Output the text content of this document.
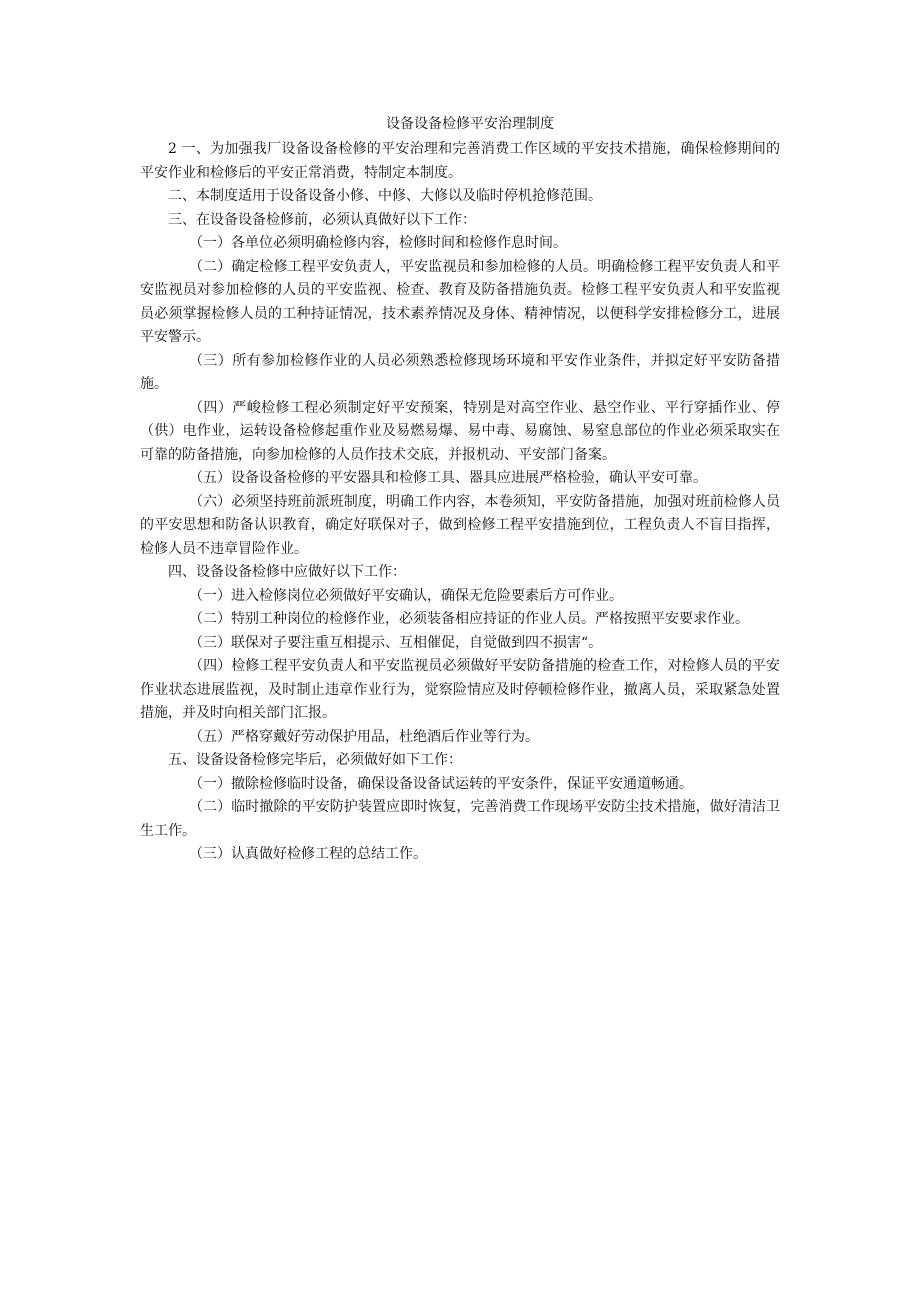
设备设备检修平安治理制度

2 一、为加强我厂设备设备检修的平安治理和完善消费工作区域的平安技术措施，确保检修期间的平安作业和检修后的平安正常消费，特制定本制度。

二、本制度适用于设备设备小修、中修、大修以及临时停机抢修范围。

三、在设备设备检修前，必须认真做好以下工作：

（一）各单位必须明确检修内容，检修时间和检修作息时间。

（二）确定检修工程平安负责人，平安监视员和参加检修的人员。明确检修工程平安负责人和平安监视员对参加检修的人员的平安监视、检查、教育及防备措施负责。检修工程平安负责人和平安监视员必须掌握检修人员的工种持证情况，技术素养情况及身体、精神情况，以便科学安排检修分工，进展平安警示。

（三）所有参加检修作业的人员必须熟悉检修现场环境和平安作业条件，并拟定好平安防备措施。

（四）严峻检修工程必须制定好平安预案，特别是对高空作业、悬空作业、平行穿插作业、停（供）电作业，运转设备检修起重作业及易燃易爆、易中毒、易腐蚀、易窒息部位的作业必须采取实在可靠的防备措施，向参加检修的人员作技术交底，并报机动、平安部门备案。

（五）设备设备检修的平安器具和检修工具、器具应进展严格检验，确认平安可靠。

（六）必须坚持班前派班制度，明确工作内容，本卷须知，平安防备措施，加强对班前检修人员的平安思想和防备认识教育，确定好联保对子，做到检修工程平安措施到位，工程负责人不盲目指挥，检修人员不违章冒险作业。

四、设备设备检修中应做好以下工作：

（一）进入检修岗位必须做好平安确认，确保无危险要素后方可作业。

（二）特别工种岗位的检修作业，必须装备相应持证的作业人员。严格按照平安要求作业。

（三）联保对子要注重互相提示、互相催促，自觉做到四不损害“。

（四）检修工程平安负责人和平安监视员必须做好平安防备措施的检查工作，对检修人员的平安作业状态进展监视，及时制止违章作业行为，觉察险情应及时停顿检修作业，撤离人员，采取紧急处置措施，并及时向相关部门汇报。

（五）严格穿戴好劳动保护用品，杜绝酒后作业等行为。

五、设备设备检修完毕后，必须做好如下工作：

（一）撤除检修临时设备，确保设备设备试运转的平安条件，保证平安通道畅通。

（二）临时撤除的平安防护装置应即时恢复，完善消费工作现场平安防尘技术措施，做好清洁卫生工作。

（三）认真做好检修工程的总结工作。
